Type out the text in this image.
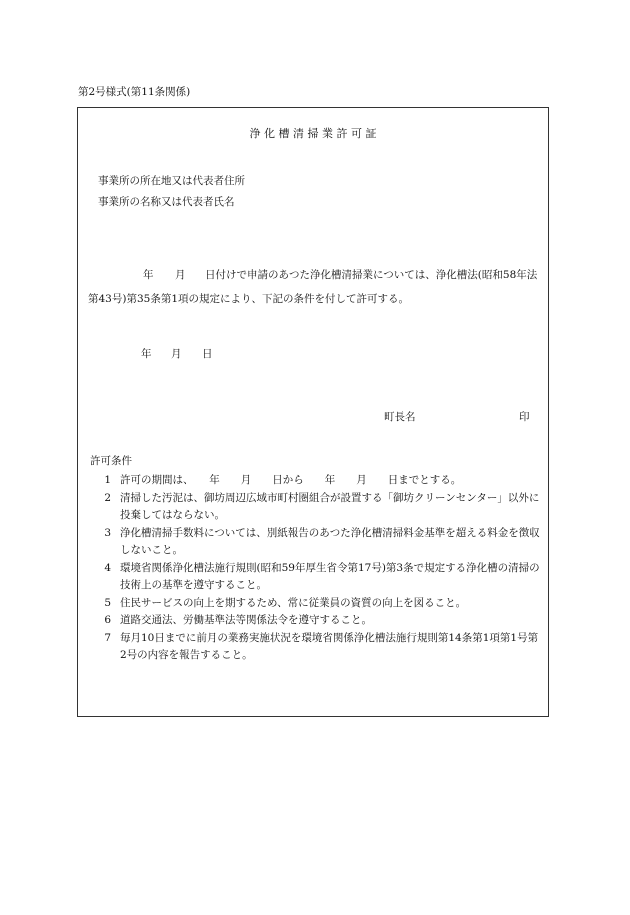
第2号様式(第11条関係)
浄 化 槽 清 掃 業 許 可 証
事業所の所在地又は代表者住所
事業所の名称又は代表者氏名
年 月 日付けで申請のあつた浄化槽清掃業については、浄化槽法(昭和58年法
第43号)第35条第1項の規定により、下記の条件を付して許可する。
年 月 日
町長名	印
許可条件
1 許可の期間は、　　年　　月　　日から　　年　　月　　日までとする。
2 清掃した汚泥は、御坊周辺広域市町村圏組合が設置する「御坊クリーンセンター」以外に投棄してはならない。
3 浄化槽清掃手数料については、別紙報告のあつた浄化槽清掃料金基準を超える料金を徴収しないこと。
4 環境省関係浄化槽法施行規則(昭和59年厚生省令第17号)第3条で規定する浄化槽の清掃の技術上の基準を遵守すること。
5 住民サービスの向上を期するため、常に従業員の資質の向上を図ること。
6 道路交通法、労働基準法等関係法令を遵守すること。
7 毎月10日までに前月の業務実施状況を環境省関係浄化槽法施行規則第14条第1項第1号第2号の内容を報告すること。
